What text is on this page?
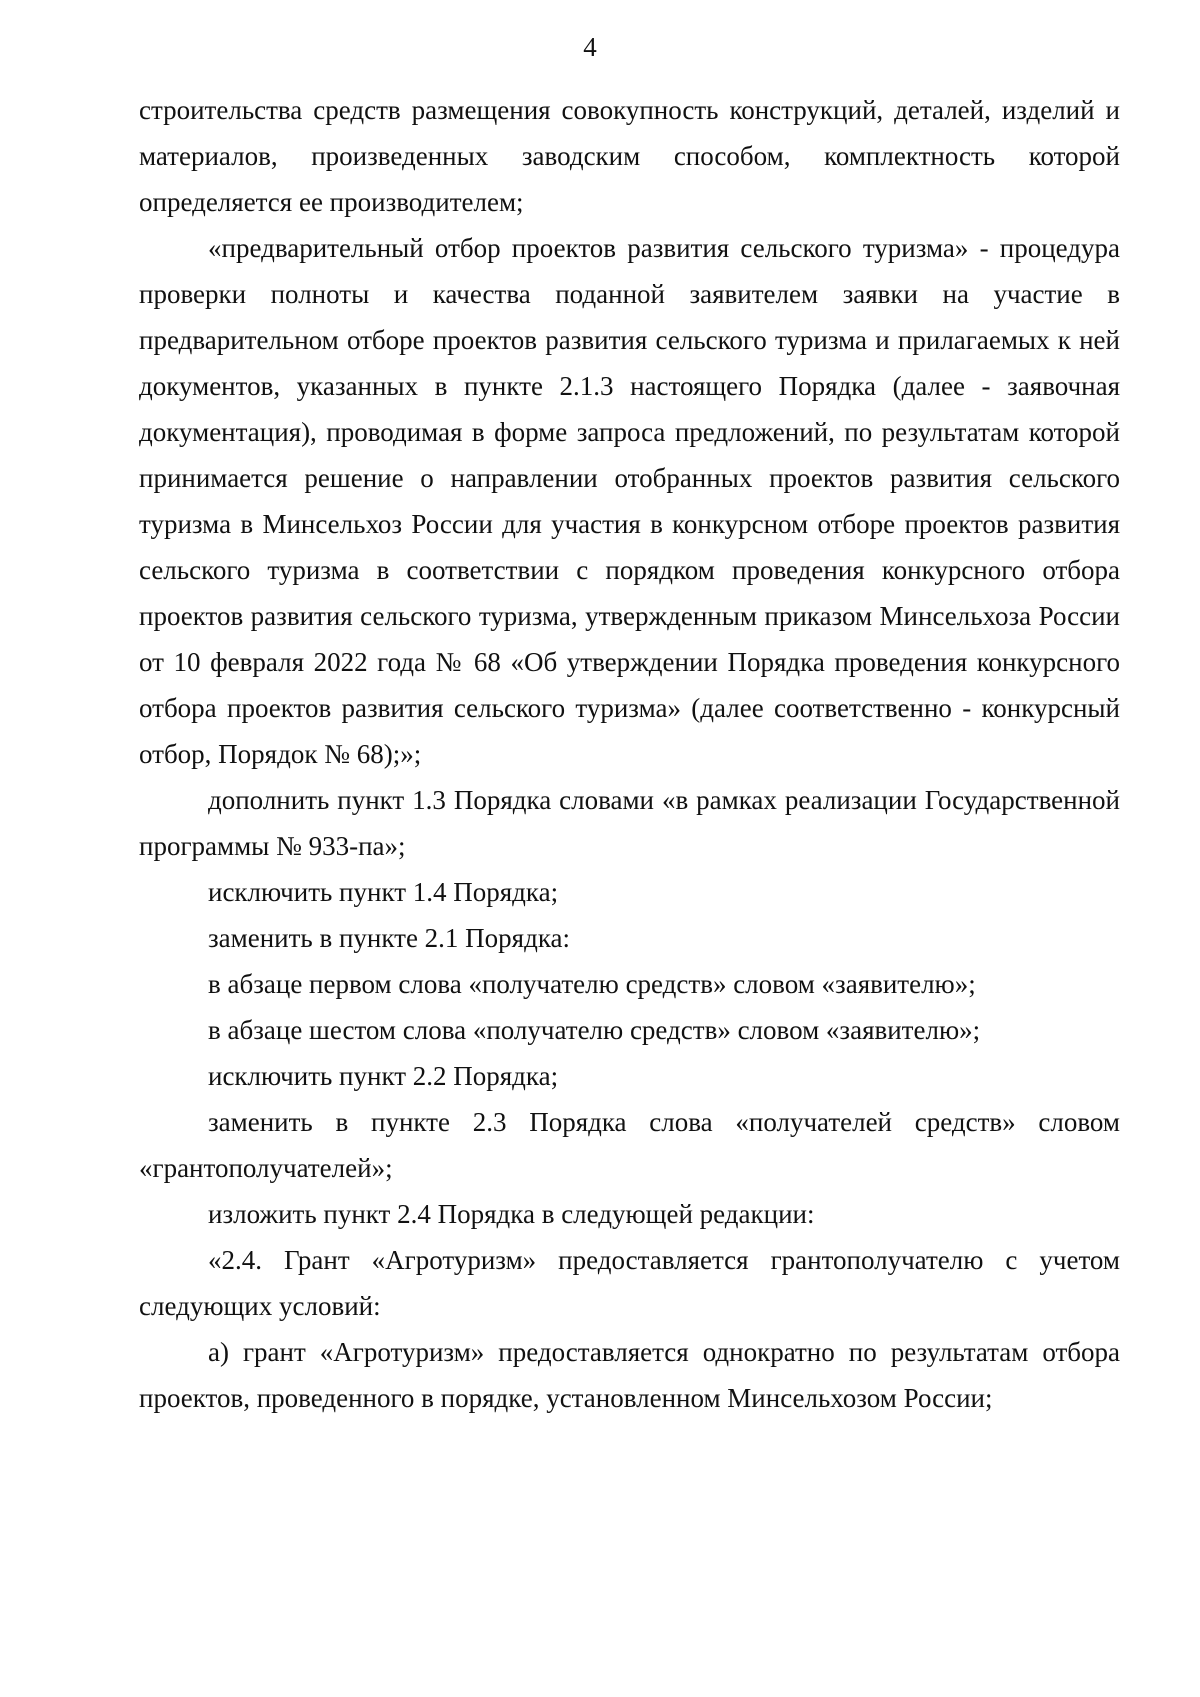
4

строительства средств размещения совокупность конструкций, деталей, изделий и материалов, произведенных заводским способом, комплектность которой определяется ее производителем;

«предварительный отбор проектов развития сельского туризма» - процедура проверки полноты и качества поданной заявителем заявки на участие в предварительном отборе проектов развития сельского туризма и прилагаемых к ней документов, указанных в пункте 2.1.3 настоящего Порядка (далее - заявочная документация), проводимая в форме запроса предложений, по результатам которой принимается решение о направлении отобранных проектов развития сельского туризма в Минсельхоз России для участия в конкурсном отборе проектов развития сельского туризма в соответствии с порядком проведения конкурсного отбора проектов развития сельского туризма, утвержденным приказом Минсельхоза России от 10 февраля 2022 года № 68 «Об утверждении Порядка проведения конкурсного отбора проектов развития сельского туризма» (далее соответственно - конкурсный отбор, Порядок № 68);»;

дополнить пункт 1.3 Порядка словами «в рамках реализации Государственной программы № 933-па»;

исключить пункт 1.4 Порядка;

заменить в пункте 2.1 Порядка:

в абзаце первом слова «получателю средств» словом «заявителю»;

в абзаце шестом слова «получателю средств» словом «заявителю»;

исключить пункт 2.2 Порядка;

заменить в пункте 2.3 Порядка слова «получателей средств» словом «грантополучателей»;

изложить пункт 2.4 Порядка в следующей редакции:

«2.4. Грант «Агротуризм» предоставляется грантополучателю с учетом следующих условий:

а) грант «Агротуризм» предоставляется однократно по результатам отбора проектов, проведенного в порядке, установленном Минсельхозом России;
